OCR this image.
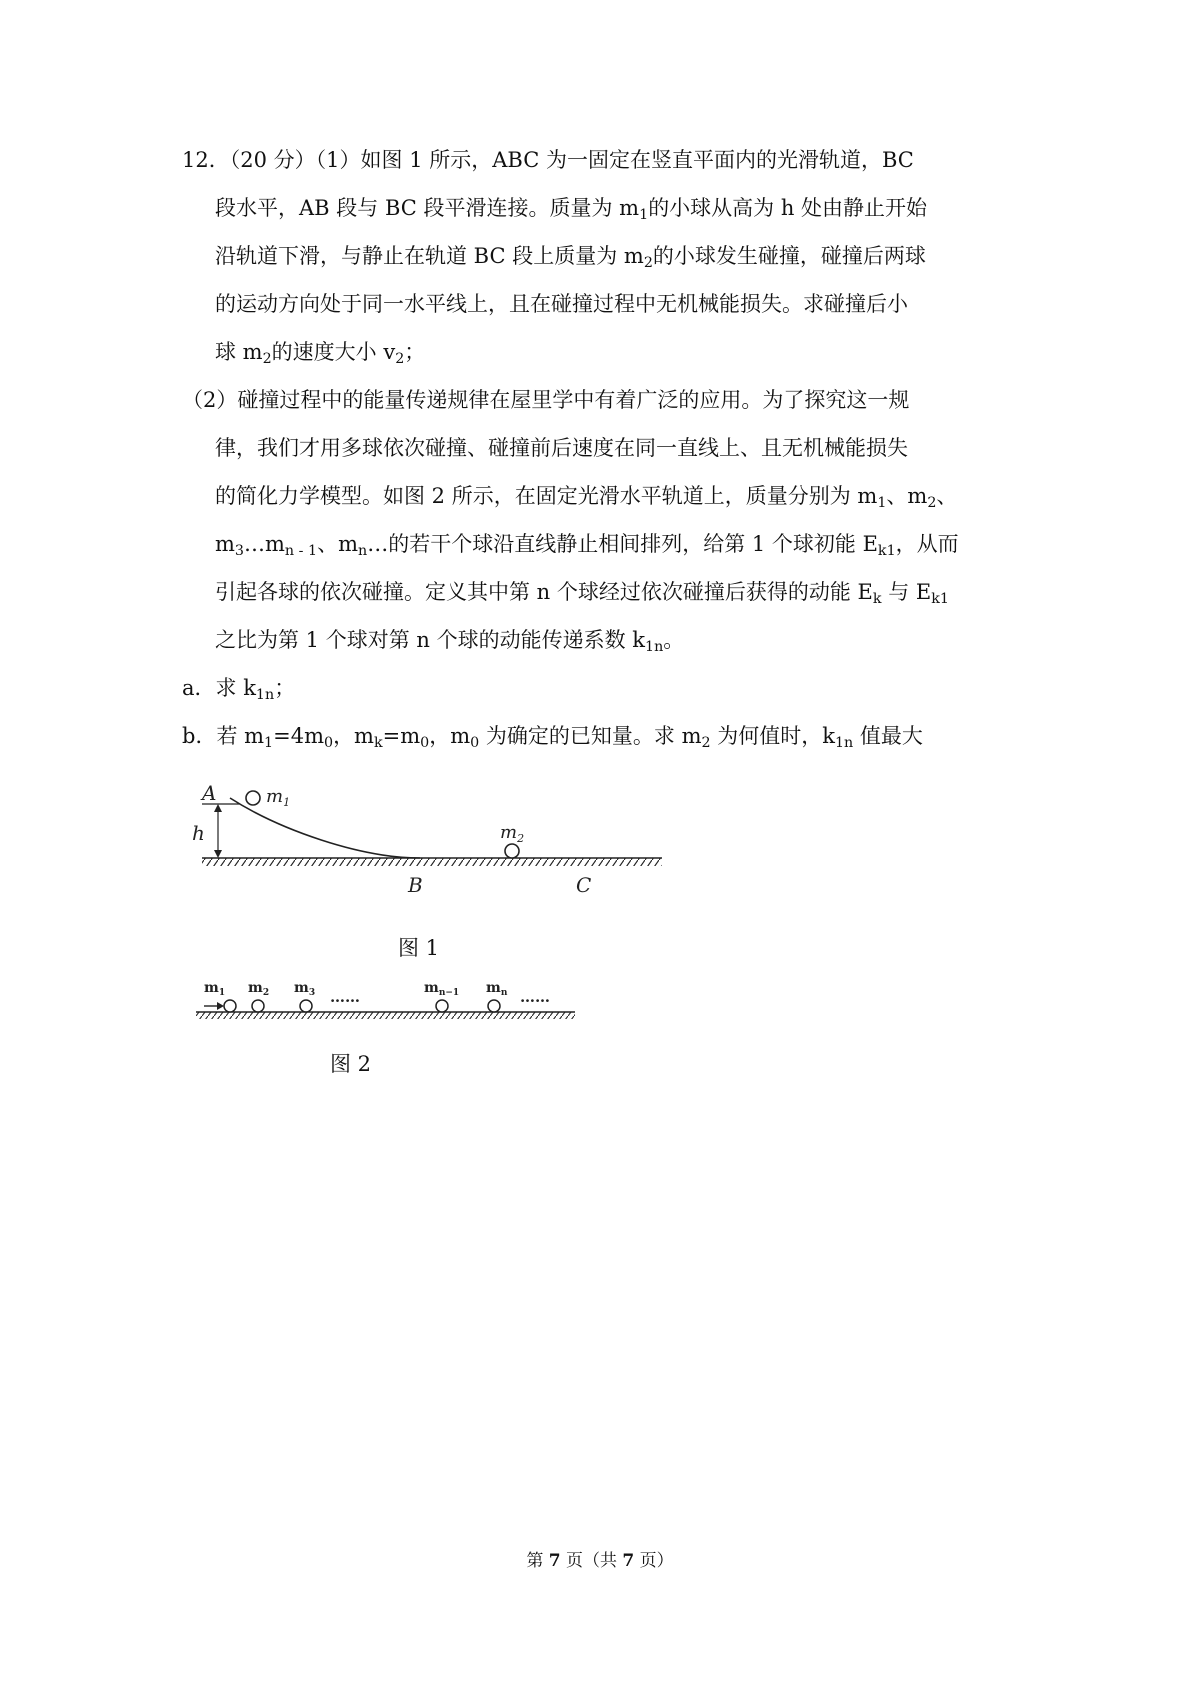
12．（20 分）（1）如图 1 所示，ABC 为一固定在竖直平面内的光滑轨道，BC
段水平，AB 段与 BC 段平滑连接。质量为 $m_1$的小球从高为 h 处由静止开始
沿轨道下滑，与静止在轨道 BC 段上质量为 $m_2$的小球发生碰撞，碰撞后两球
的运动方向处于同一水平线上，且在碰撞过程中无机械能损失。求碰撞后小
球 $m_2$的速度大小 $v_2$；
（2）碰撞过程中的能量传递规律在屋里学中有着广泛的应用。为了探究这一规
律，我们才用多球依次碰撞、碰撞前后速度在同一直线上、且无机械能损失
的简化力学模型。如图 2 所示，在固定光滑水平轨道上，质量分别为 $m_1$、$m_2$、
$m_3\dots m_{n - 1}$、$m_n\dots$的若干个球沿直线静止相间排列，给第 1 个球初能 $E_{k1}$，从而
引起各球的依次碰撞。定义其中第 n 个球经过依次碰撞后获得的动能 $E_k$ 与 $E_{k1}$
之比为第 1 个球对第 n 个球的动能传递系数 $k_{1n}$。
a．求 $k_{1n}$；
b．若 $m_1=4m_0$，$m_k=m_0$，$m_0$ 为确定的已知量。求 $m_2$ 为何值时，$k_{1n}$ 值最大
A
h
$m_1$
$m_2$
B	C
图 1
$m_1$ $m_2$ $m_3$ ……	$m_{n-1}$ $m_n$ ……
图 2
第 7 页（共 7 页）
